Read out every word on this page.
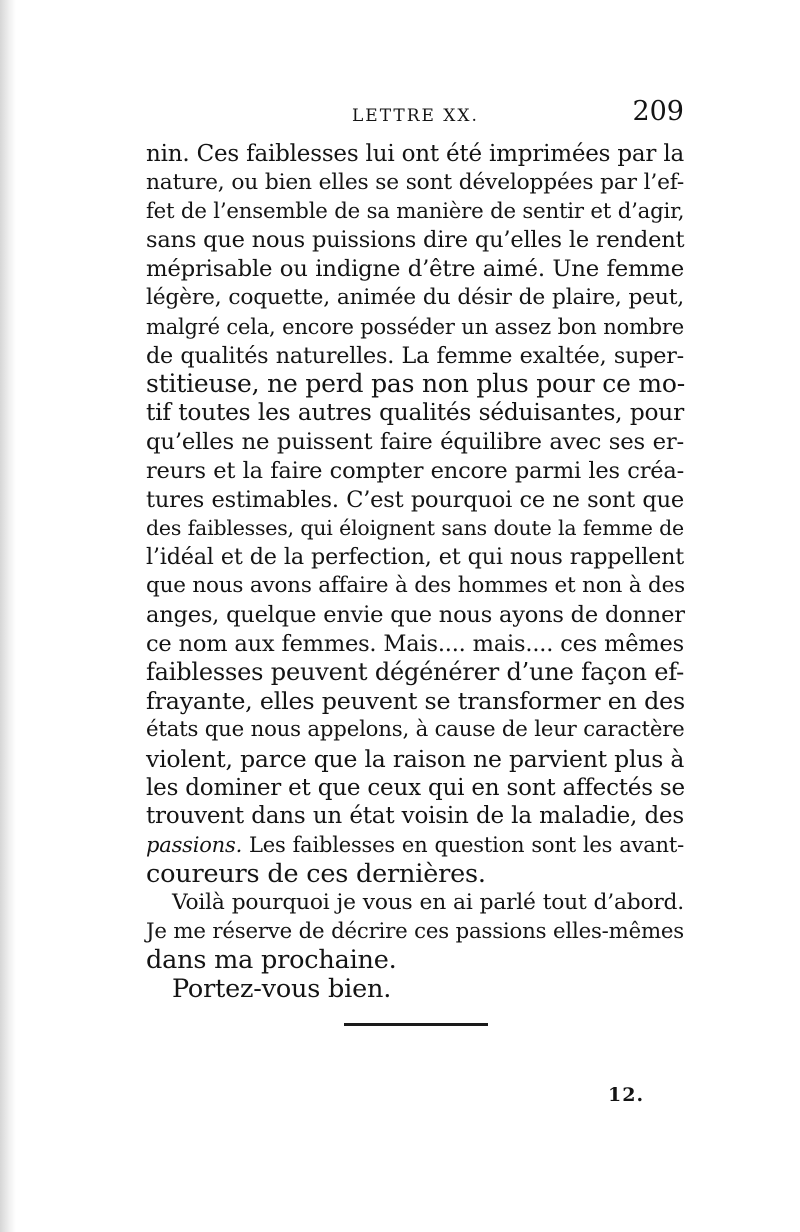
LETTRE XX.	209
nin. Ces faiblesses lui ont été imprimées par la
nature, ou bien elles se sont développées par l’ef-
fet de l’ensemble de sa manière de sentir et d’agir,
sans que nous puissions dire qu’elles le rendent
méprisable ou indigne d’être aimé. Une femme
légère, coquette, animée du désir de plaire, peut,
malgré cela, encore posséder un assez bon nombre
de qualités naturelles. La femme exaltée, super-
stitieuse, ne perd pas non plus pour ce mo-
tif toutes les autres qualités séduisantes, pour
qu’elles ne puissent faire équilibre avec ses er-
reurs et la faire compter encore parmi les créa-
tures estimables. C’est pourquoi ce ne sont que
des faiblesses, qui éloignent sans doute la femme de
l’idéal et de la perfection, et qui nous rappellent
que nous avons affaire à des hommes et non à des
anges, quelque envie que nous ayons de donner
ce nom aux femmes. Mais.... mais.... ces mêmes
faiblesses peuvent dégénérer d’une façon ef-
frayante, elles peuvent se transformer en des
états que nous appelons, à cause de leur caractère
violent, parce que la raison ne parvient plus à
les dominer et que ceux qui en sont affectés se
trouvent dans un état voisin de la maladie, des
passions. Les faiblesses en question sont les avant-
coureurs de ces dernières.
Voilà pourquoi je vous en ai parlé tout d’abord.
Je me réserve de décrire ces passions elles-mêmes
dans ma prochaine.
Portez-vous bien.
12.
